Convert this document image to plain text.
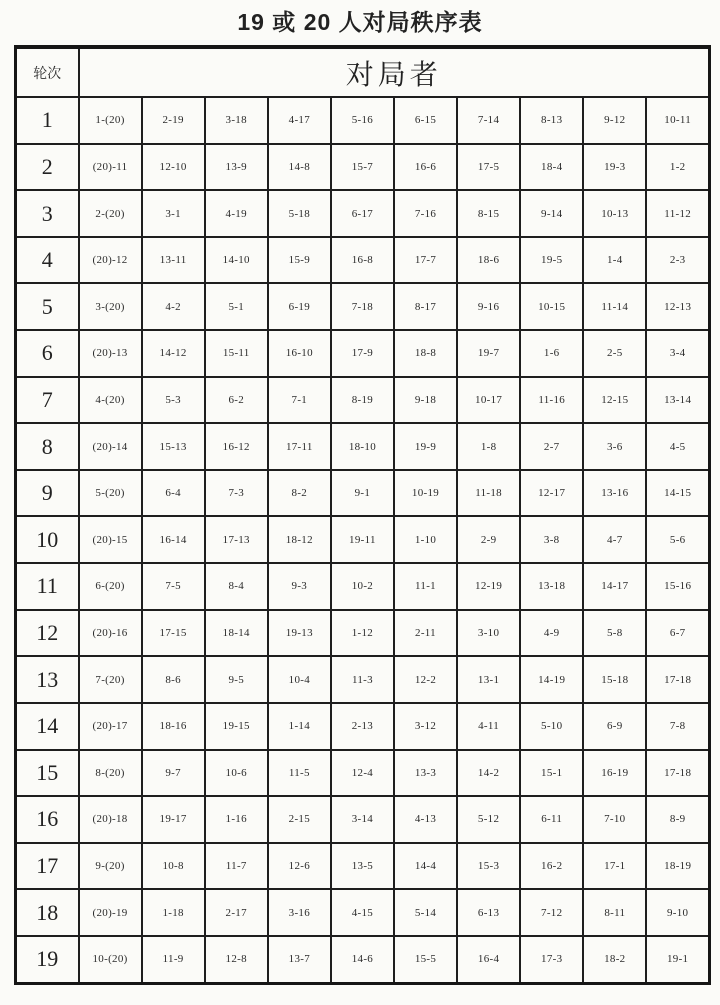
19 或 20 人对局秩序表
轮次	对局者									
1	1-(20)	2-19	3-18	4-17	5-16	6-15	7-14	8-13	9-12	10-11
2	(20)-11	12-10	13-9	14-8	15-7	16-6	17-5	18-4	19-3	1-2
3	2-(20)	3-1	4-19	5-18	6-17	7-16	8-15	9-14	10-13	11-12
4	(20)-12	13-11	14-10	15-9	16-8	17-7	18-6	19-5	1-4	2-3
5	3-(20)	4-2	5-1	6-19	7-18	8-17	9-16	10-15	11-14	12-13
6	(20)-13	14-12	15-11	16-10	17-9	18-8	19-7	1-6	2-5	3-4
7	4-(20)	5-3	6-2	7-1	8-19	9-18	10-17	11-16	12-15	13-14
8	(20)-14	15-13	16-12	17-11	18-10	19-9	1-8	2-7	3-6	4-5
9	5-(20)	6-4	7-3	8-2	9-1	10-19	11-18	12-17	13-16	14-15
10	(20)-15	16-14	17-13	18-12	19-11	1-10	2-9	3-8	4-7	5-6
11	6-(20)	7-5	8-4	9-3	10-2	11-1	12-19	13-18	14-17	15-16
12	(20)-16	17-15	18-14	19-13	1-12	2-11	3-10	4-9	5-8	6-7
13	7-(20)	8-6	9-5	10-4	11-3	12-2	13-1	14-19	15-18	17-18
14	(20)-17	18-16	19-15	1-14	2-13	3-12	4-11	5-10	6-9	7-8
15	8-(20)	9-7	10-6	11-5	12-4	13-3	14-2	15-1	16-19	17-18
16	(20)-18	19-17	1-16	2-15	3-14	4-13	5-12	6-11	7-10	8-9
17	9-(20)	10-8	11-7	12-6	13-5	14-4	15-3	16-2	17-1	18-19
18	(20)-19	1-18	2-17	3-16	4-15	5-14	6-13	7-12	8-11	9-10
19	10-(20)	11-9	12-8	13-7	14-6	15-5	16-4	17-3	18-2	19-1
